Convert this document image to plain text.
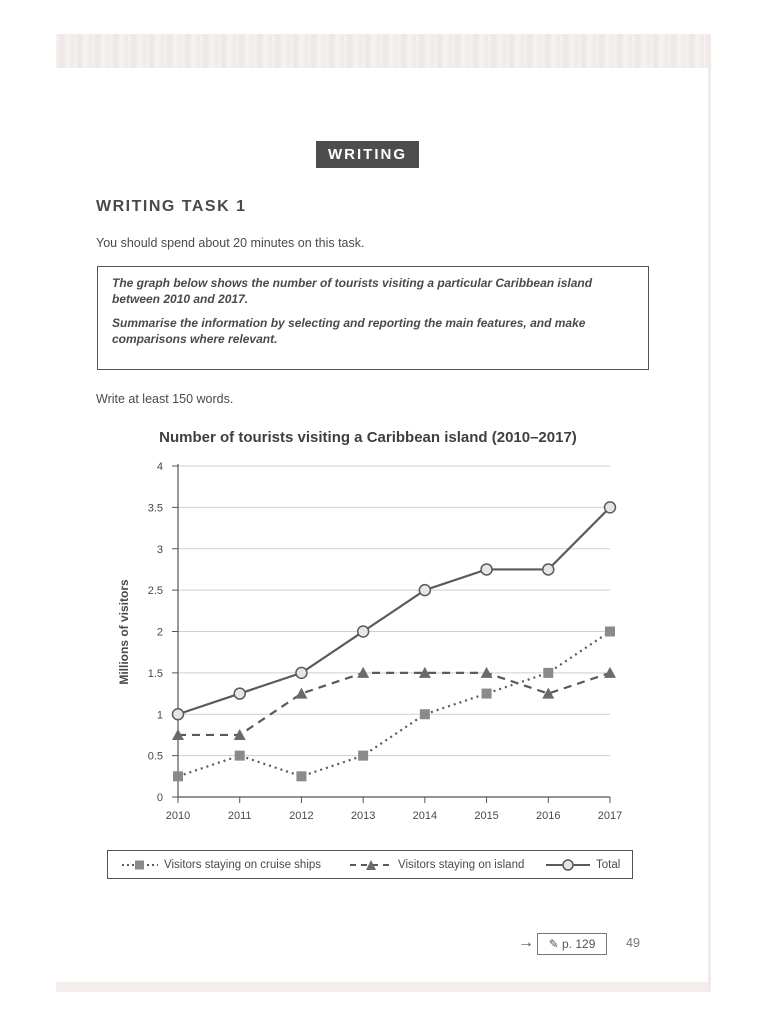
WRITING
WRITING TASK 1
You should spend about 20 minutes on this task.

The graph below shows the number of tourists visiting a particular Caribbean island between 2010 and 2017.

Summarise the information by selecting and reporting the main features, and make comparisons where relevant.

Write at least 150 words.
Number of tourists visiting a Caribbean island (2010–2017)
Millions of visitors
0
0.5
1
1.5
2
2.5
3
3.5
4
2010	2011	2012	2013	2014	2015	2016	2017
Visitors staying on cruise ships	Visitors staying on island	Total
→	✎ p. 129	49
